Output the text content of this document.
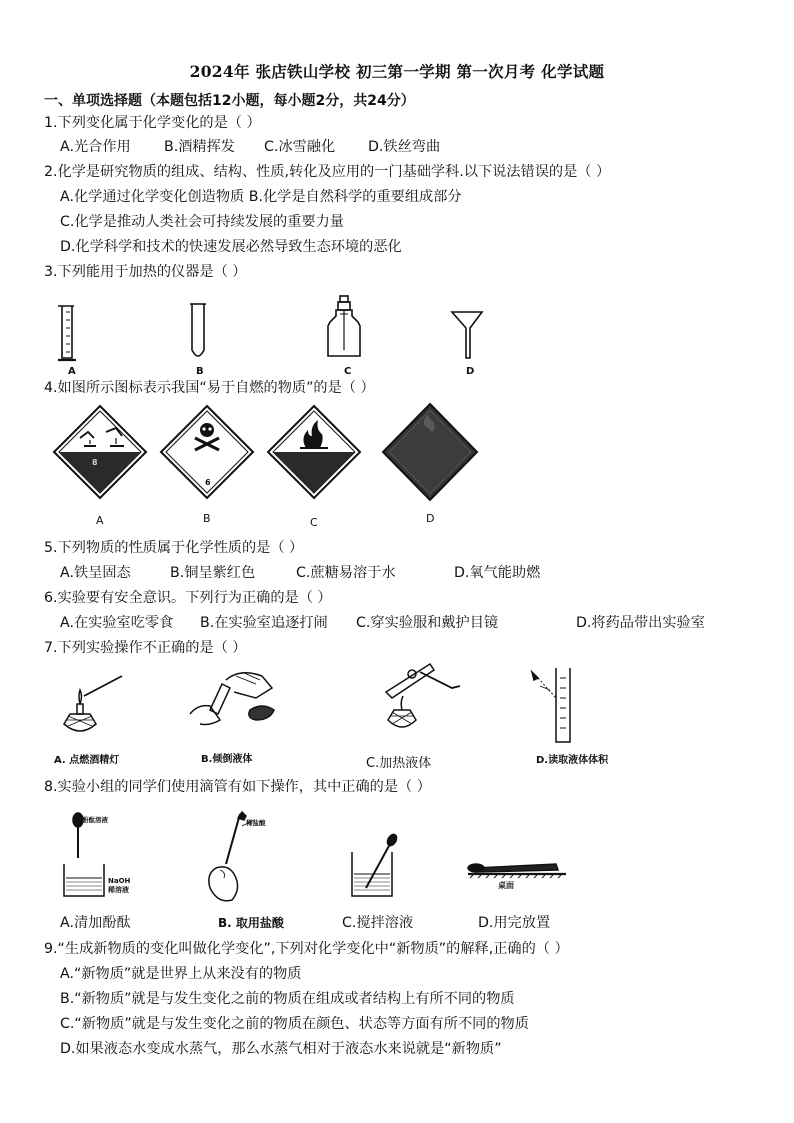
2024年 张店铁山学校 初三第一学期 第一次月考 化学试题
一、单项选择题（本题包括12小题，每小题2分，共24分）
1.下列变化属于化学变化的是（ ）
A.光合作用 B.酒精挥发 C.冰雪融化 D.铁丝弯曲
2.化学是研究物质的组成、结构、性质,转化及应用的一门基础学科.以下说法错误的是（ ）
A.化学通过化学变化创造物质 B.化学是自然科学的重要组成部分
C.化学是推动人类社会可持续发展的重要力量
D.化学科学和技术的快速发展必然导致生态环境的恶化
3.下列能用于加热的仪器是（ ）
A	B	C	D
4.如图所示图标表示我国“易于自燃的物质”的是（ ）
8
6
A	B	C	D
5.下列物质的性质属于化学性质的是（ ）
A.铁呈固态	B.铜呈紫红色	C.蔗糖易溶于水	D.氧气能助燃
6.实验要有安全意识。下列行为正确的是（ ）
A.在实验室吃零食 B.在实验室追逐打闹 C.穿实验服和戴护目镜	D.将药品带出实验室
7.下列实验操作不正确的是（ ）
A. 点燃酒精灯	B.倾倒液体	C.加热液体	D.读取液体体积
8.实验小组的同学们使用滴管有如下操作，其中正确的是（ ）
酚酞溶液
NaOH
稀溶液
稀盐酸
桌面
A.清加酚酞	B. 取用盐酸	C.搅拌溶液	D.用完放置
9.“生成新物质的变化叫做化学变化”,下列对化学变化中“新物质”的解释,正确的（ ）
A.“新物质”就是世界上从来没有的物质
B.“新物质”就是与发生变化之前的物质在组成或者结构上有所不同的物质
C.“新物质”就是与发生变化之前的物质在颜色、状态等方面有所不同的物质
D.如果液态水变成水蒸气，那么水蒸气相对于液态水来说就是“新物质”
